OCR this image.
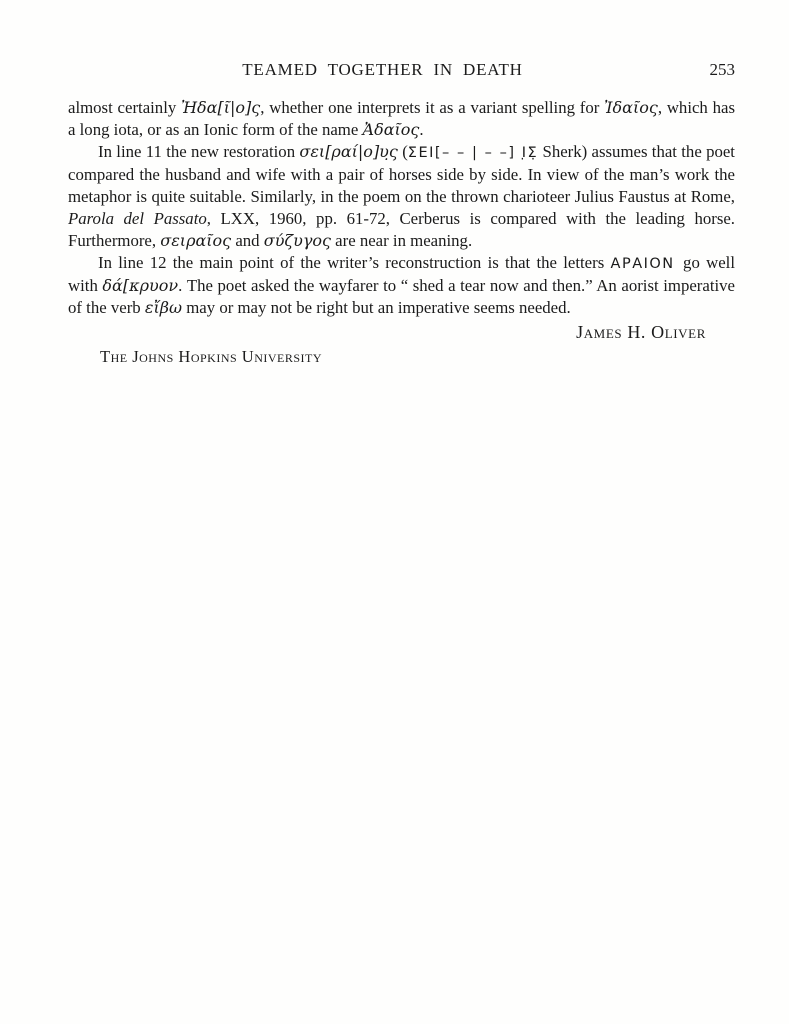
TEAMED TOGETHER IN DEATH	253

almost certainly Ἠδα[ῖ|ο]ς, whether one interprets it as a variant spelling for Ἰδαῖος, which has a long iota, or as an Ionic form of the name Ἀδαῖος.

In line 11 the new restoration σει[ραί|ο]υ̣ς (ΣΕΙ[– – | – –] Ι̣Σ̣ Sherk) assumes that the poet compared the husband and wife with a pair of horses side by side. In view of the man’s work the metaphor is quite suitable. Similarly, in the poem on the thrown charioteer Julius Faustus at Rome, Parola del Passato, LXX, 1960, pp. 61-72, Cerberus is compared with the leading horse. Furthermore, σειραῖος and σύζυγος are near in meaning.

In line 12 the main point of the writer’s reconstruction is that the letters ΑΡΑΙΟΝ go well with δά[κρυον. The poet asked the wayfarer to “ shed a tear now and then.” An aorist imperative of the verb εἴβω may or may not be right but an imperative seems needed.

James H. Oliver
The Johns Hopkins University
